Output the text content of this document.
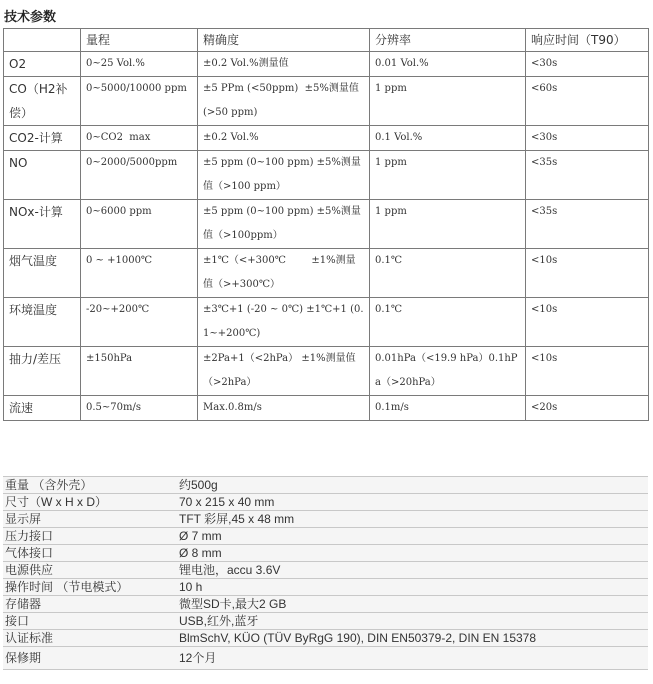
技术参数
	量程	精确度	分辨率	响应时间（T90）
O2	0~25 Vol.%	±0.2 Vol.%测量值	0.01 Vol.%	<30s
CO（H2补偿）	0~5000/10000 ppm	±5 PPm (<50ppm)  ±5%测量值(>50 ppm)	1 ppm	<60s
CO2-计算	0~CO2  max	±0.2 Vol.%	0.1 Vol.%	<30s
NO	0~2000/5000ppm	±5 ppm (0~100 ppm) ±5%测量值（>100 ppm）	1 ppm	<35s
NOx-计算	0~6000 ppm	±5 ppm (0~100 ppm) ±5%测量值（>100ppm）	1 ppm	<35s
烟气温度	0 ~ +1000℃	±1℃（<+300℃        ±1%测量值（>+300℃）	0.1℃	<10s
环境温度	-20~+200℃	±3℃+1 (-20 ~ 0℃) ±1℃+1 (0.1~+200℃)	0.1℃	<10s
抽力/差压	±150hPa	±2Pa+1（<2hPa） ±1%测量值（>2hPa）	0.01hPa（<19.9 hPa）0.1hPa（>20hPa）	<10s
流速	0.5~70m/s	Max.0.8m/s	0.1m/s	<20s
重量 （含外壳）	约500g
尺寸（W x H x D）	70 x 215 x 40 mm
显示屏	TFT 彩屏,45 x 48 mm
压力接口	Ø 7 mm
气体接口	Ø 8 mm
电源供应	锂电池，accu 3.6V
操作时间 （节电模式）	10 h
存储器	微型SD卡,最大2 GB
接口	USB,红外,蓝牙
认证标准	BlmSchV, KÜO (TÜV ByRgG 190), DIN EN50379-2, DIN EN 15378
保修期	12个月
